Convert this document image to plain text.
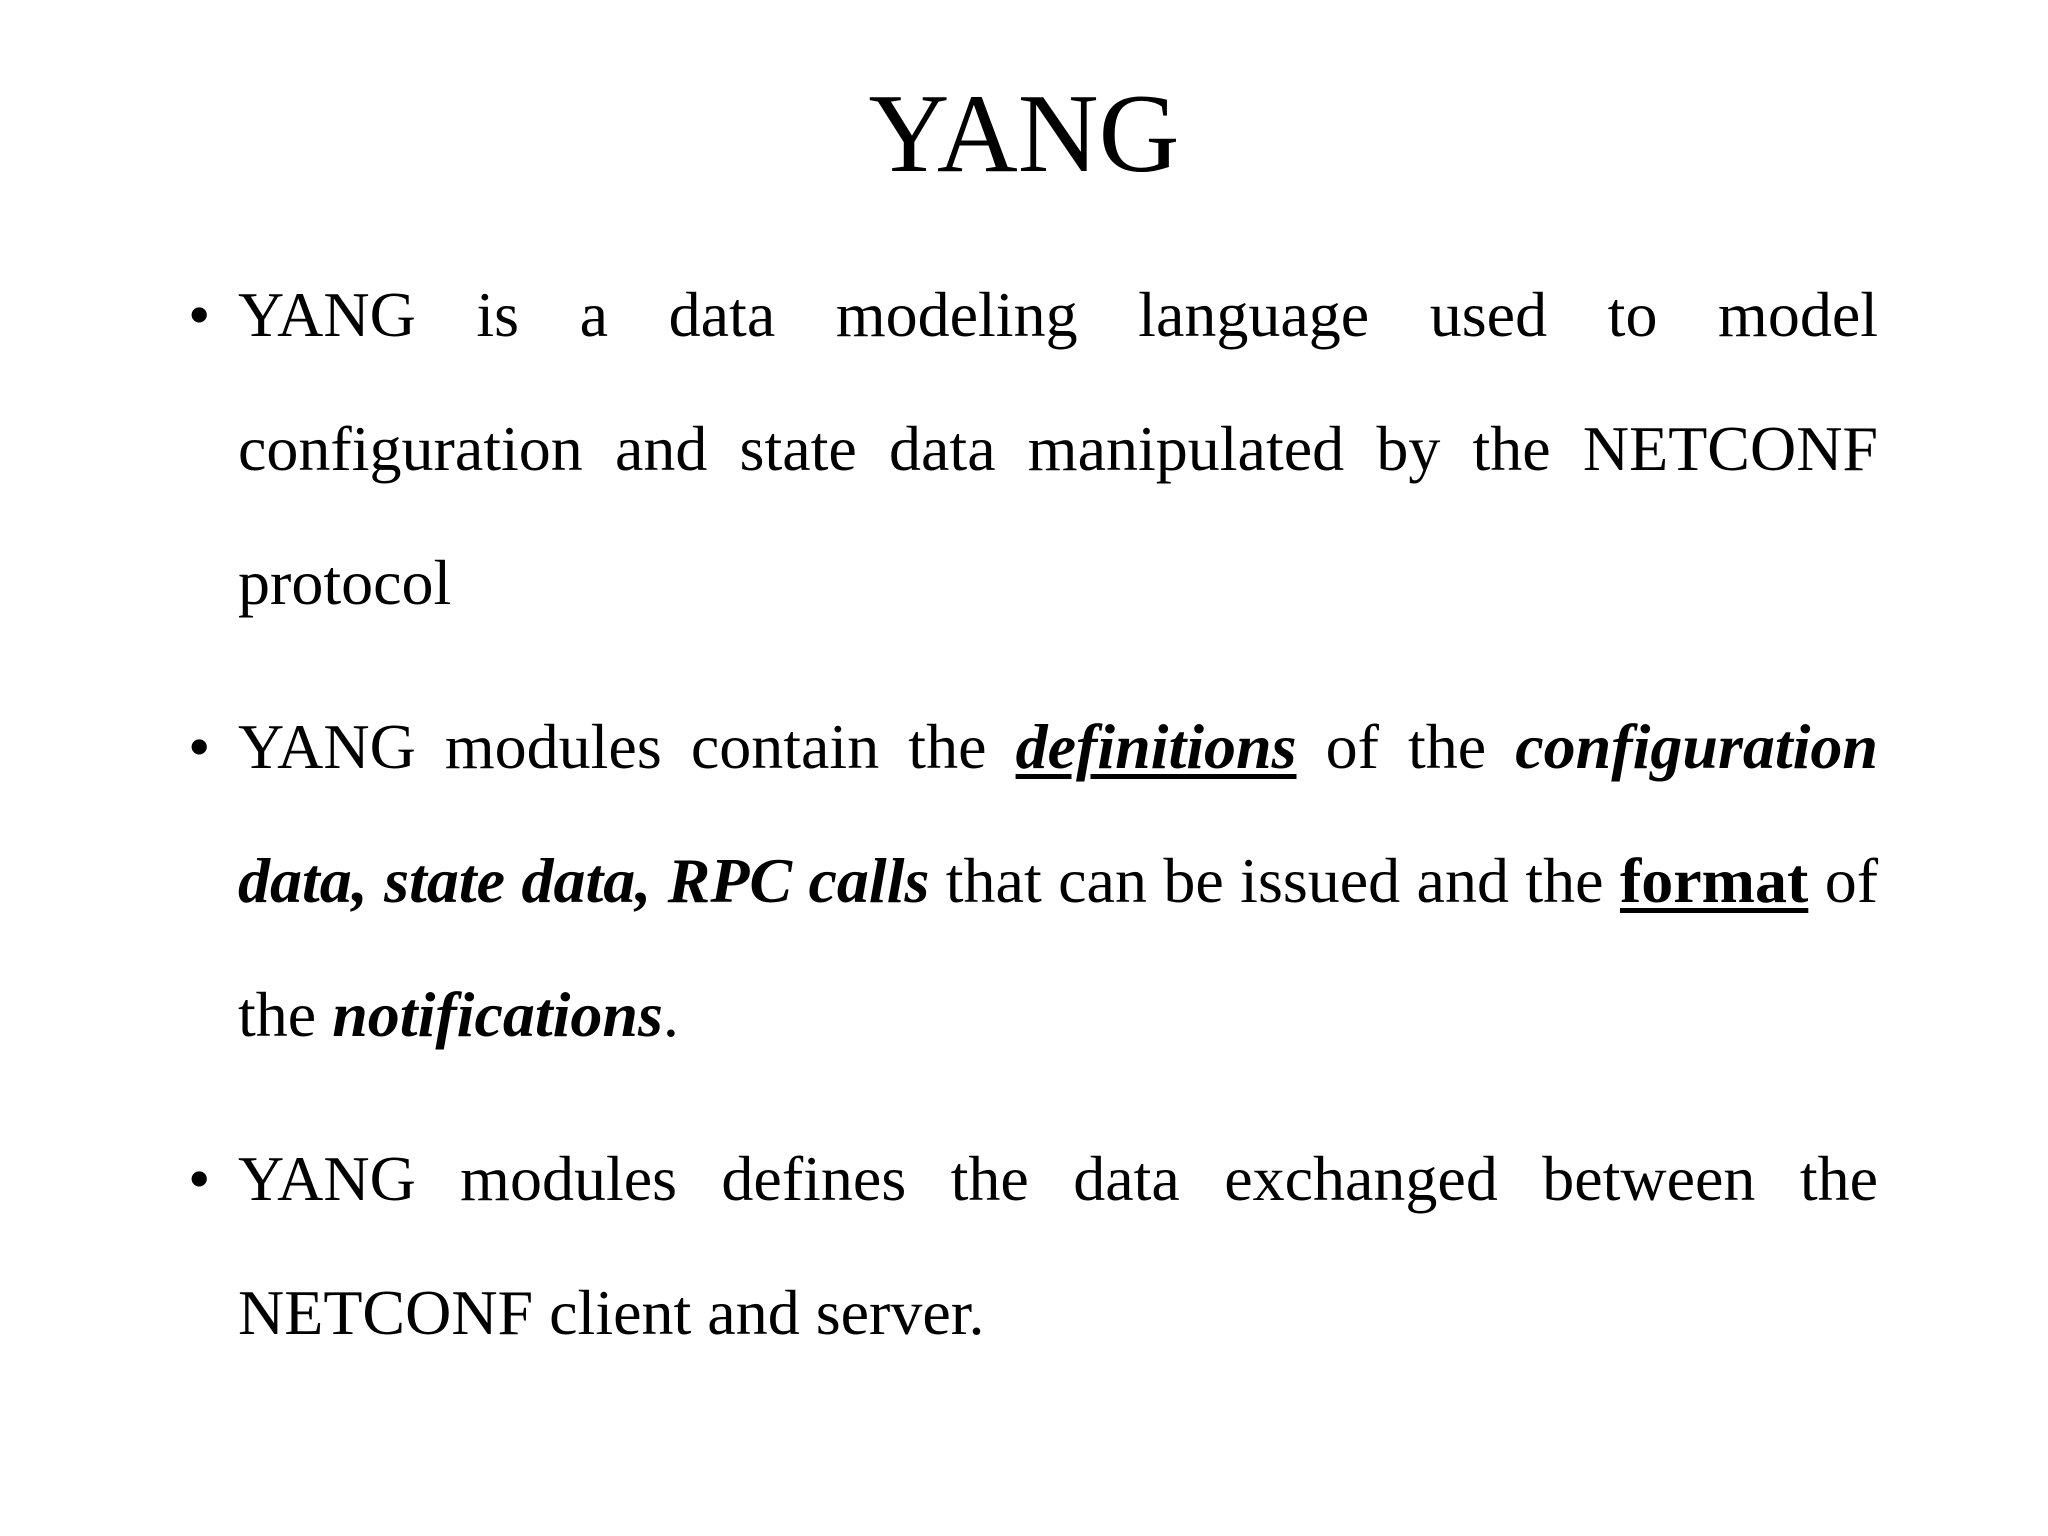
YANG
• YANG is a data modeling language used to model configuration and state data manipulated by the NETCONF protocol
• YANG modules contain the definitions of the configuration data, state data, RPC calls that can be issued and the format of the notifications.
• YANG modules defines the data exchanged between the NETCONF client and server.
